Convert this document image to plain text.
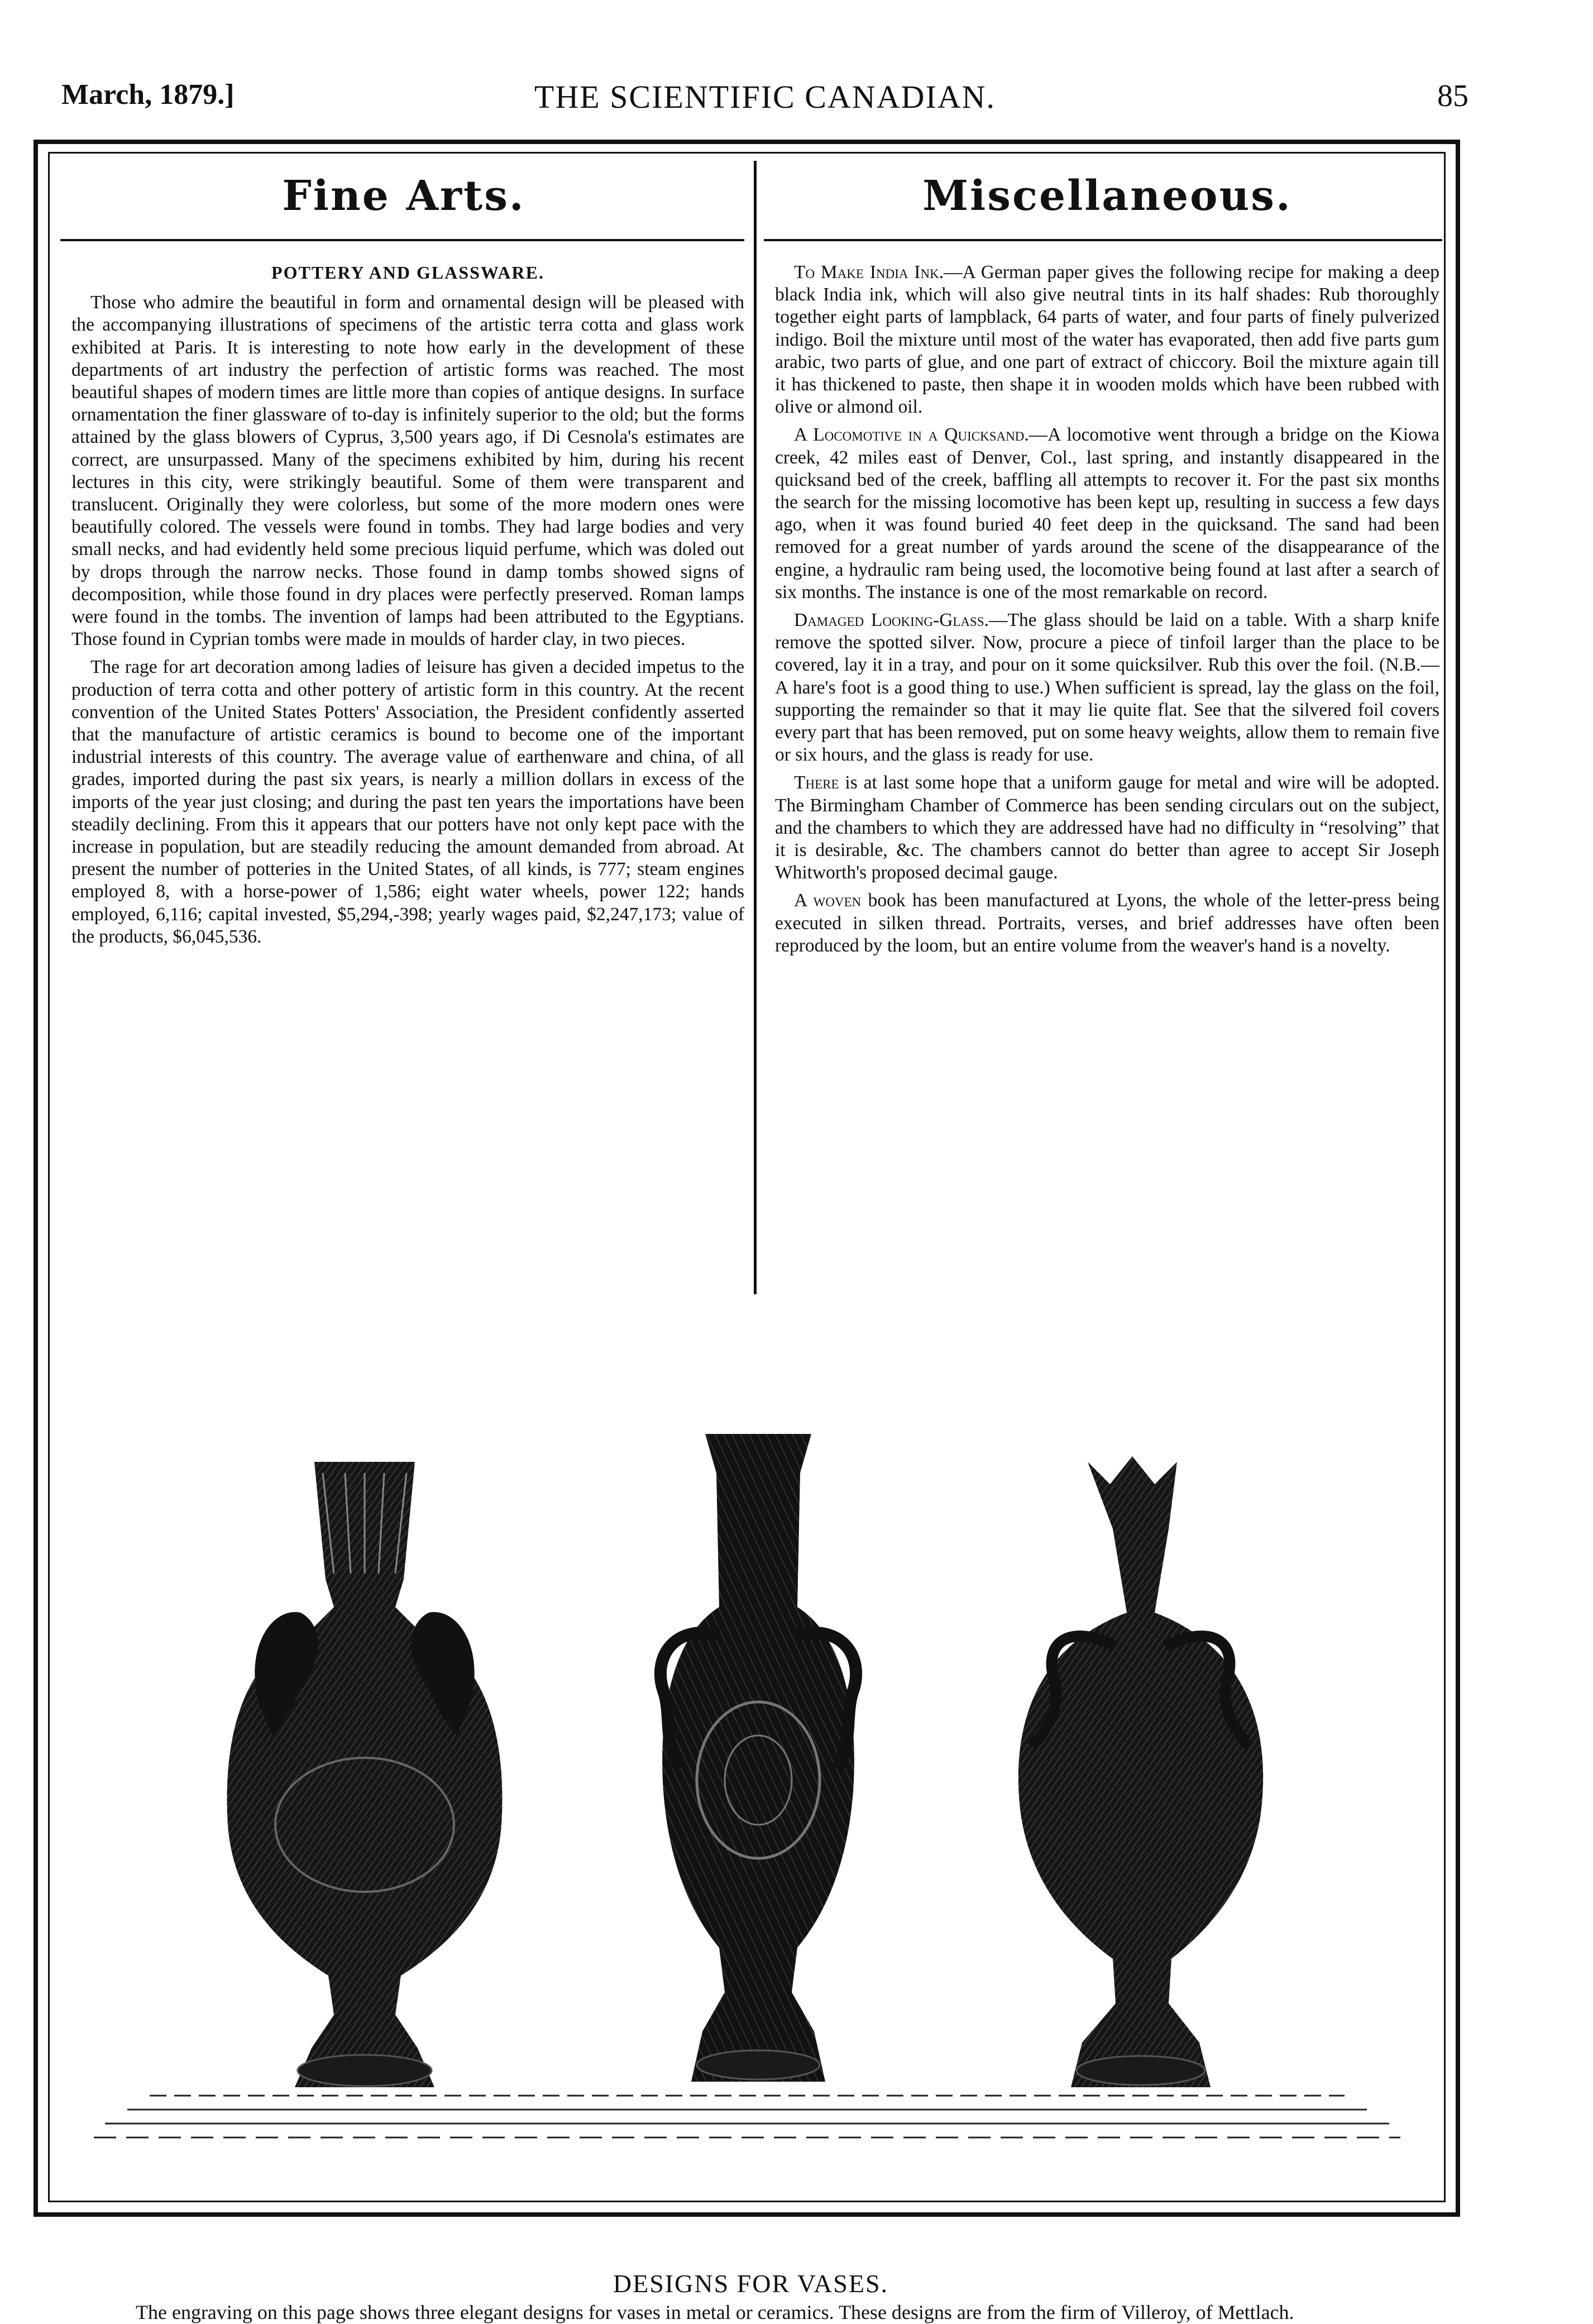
March, 1879.]	THE SCIENTIFIC CANADIAN.	85
Fine Arts.	Miscellaneous.

POTTERY AND GLASSWARE.

Those who admire the beautiful in form and ornamental design will be pleased with the accompanying illustrations of specimens of the artistic terra cotta and glass work exhibited at Paris. It is interesting to note how early in the development of these departments of art industry the perfection of artistic forms was reached. The most beautiful shapes of modern times are little more than copies of antique designs. In surface ornamentation the finer glassware of to-day is infinitely superior to the old; but the forms attained by the glass blowers of Cyprus, 3,500 years ago, if Di Cesnola's estimates are correct, are unsurpassed. Many of the specimens exhibited by him, during his recent lectures in this city, were strikingly beautiful. Some of them were transparent and translucent. Originally they were colorless, but some of the more modern ones were beautifully colored. The vessels were found in tombs. They had large bodies and very small necks, and had evidently held some precious liquid perfume, which was doled out by drops through the narrow necks. Those found in damp tombs showed signs of decomposition, while those found in dry places were perfectly preserved. Roman lamps were found in the tombs. The invention of lamps had been attributed to the Egyptians. Those found in Cyprian tombs were made in moulds of harder clay, in two pieces.

The rage for art decoration among ladies of leisure has given a decided impetus to the production of terra cotta and other pottery of artistic form in this country. At the recent convention of the United States Potters' Association, the President confidently asserted that the manufacture of artistic ceramics is bound to become one of the important industrial interests of this country. The average value of earthenware and china, of all grades, imported during the past six years, is nearly a million dollars in excess of the imports of the year just closing; and during the past ten years the importations have been steadily declining. From this it appears that our potters have not only kept pace with the increase in population, but are steadily reducing the amount demanded from abroad. At present the number of potteries in the United States, of all kinds, is 777; steam engines employed 8, with a horse-power of 1,586; eight water wheels, power 122; hands employed, 6,116; capital invested, $5,294,-398; yearly wages paid, $2,247,173; value of the products, $6,045,536.

To Make India Ink.—A German paper gives the following recipe for making a deep black India ink, which will also give neutral tints in its half shades: Rub thoroughly together eight parts of lampblack, 64 parts of water, and four parts of finely pulverized indigo. Boil the mixture until most of the water has evaporated, then add five parts gum arabic, two parts of glue, and one part of extract of chiccory. Boil the mixture again till it has thickened to paste, then shape it in wooden molds which have been rubbed with olive or almond oil.

A Locomotive in a Quicksand.—A locomotive went through a bridge on the Kiowa creek, 42 miles east of Denver, Col., last spring, and instantly disappeared in the quicksand bed of the creek, baffling all attempts to recover it. For the past six months the search for the missing locomotive has been kept up, resulting in success a few days ago, when it was found buried 40 feet deep in the quicksand. The sand had been removed for a great number of yards around the scene of the disappearance of the engine, a hydraulic ram being used, the locomotive being found at last after a search of six months. The instance is one of the most remarkable on record.

Damaged Looking-Glass.—The glass should be laid on a table. With a sharp knife remove the spotted silver. Now, procure a piece of tinfoil larger than the place to be covered, lay it in a tray, and pour on it some quicksilver. Rub this over the foil. (N.B.—A hare's foot is a good thing to use.) When sufficient is spread, lay the glass on the foil, supporting the remainder so that it may lie quite flat. See that the silvered foil covers every part that has been removed, put on some heavy weights, allow them to remain five or six hours, and the glass is ready for use.

There is at last some hope that a uniform gauge for metal and wire will be adopted. The Birmingham Chamber of Commerce has been sending circulars out on the subject, and the chambers to which they are addressed have had no difficulty in “resolving” that it is desirable, &c. The chambers cannot do better than agree to accept Sir Joseph Whitworth's proposed decimal gauge.

A woven book has been manufactured at Lyons, the whole of the letter-press being executed in silken thread. Portraits, verses, and brief addresses have often been reproduced by the loom, but an entire volume from the weaver's hand is a novelty.

DESIGNS FOR VASES.
The engraving on this page shows three elegant designs for vases in metal or ceramics. These designs are from the firm of Villeroy, of Mettlach.
